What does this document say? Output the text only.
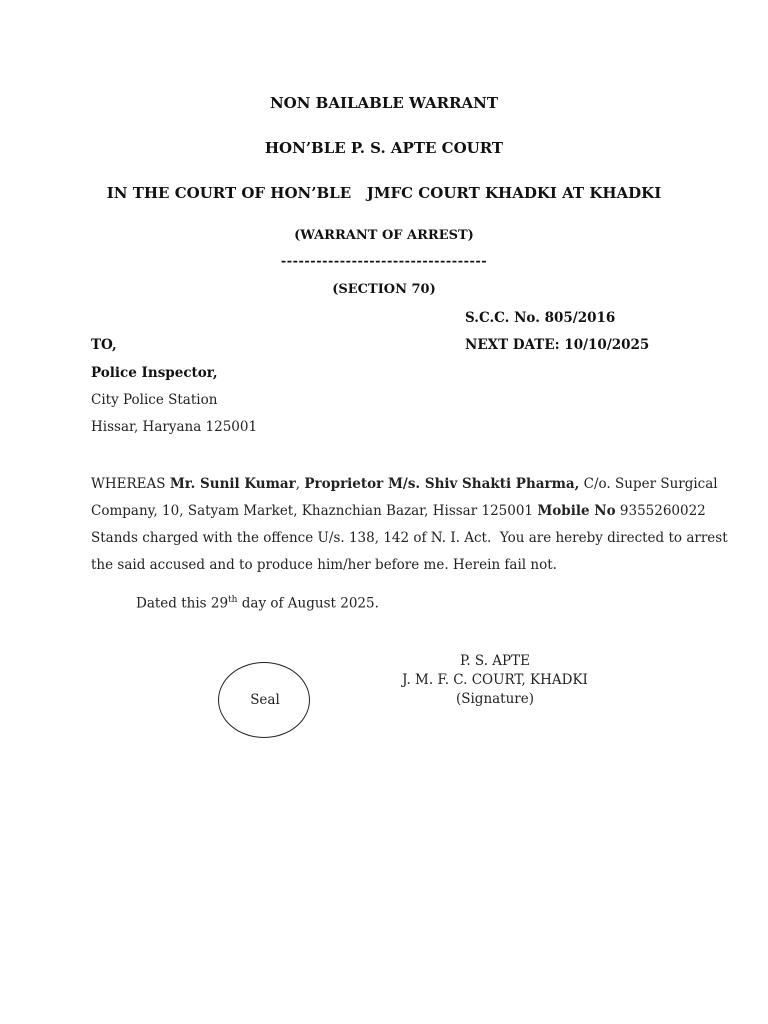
NON BAILABLE WARRANT
HON’BLE P. S. APTE COURT
IN THE COURT OF HON’BLE   JMFC COURT KHADKI AT KHADKI
(WARRANT OF ARREST)
-----------------------------------
(SECTION 70)
S.C.C. No. 805/2016
TO,	NEXT DATE: 10/10/2025
Police Inspector,
City Police Station
Hissar, Haryana 125001
WHEREAS Mr. Sunil Kumar, Proprietor M/s. Shiv Shakti Pharma, C/o. Super Surgical
Company, 10, Satyam Market, Khaznchian Bazar, Hissar 125001 Mobile No 9355260022
Stands charged with the offence U/s. 138, 142 of N. I. Act.  You are hereby directed to arrest
the said accused and to produce him/her before me. Herein fail not.
Dated this 29th day of August 2025.
Seal
P. S. APTE
J. M. F. C. COURT, KHADKI
(Signature)
